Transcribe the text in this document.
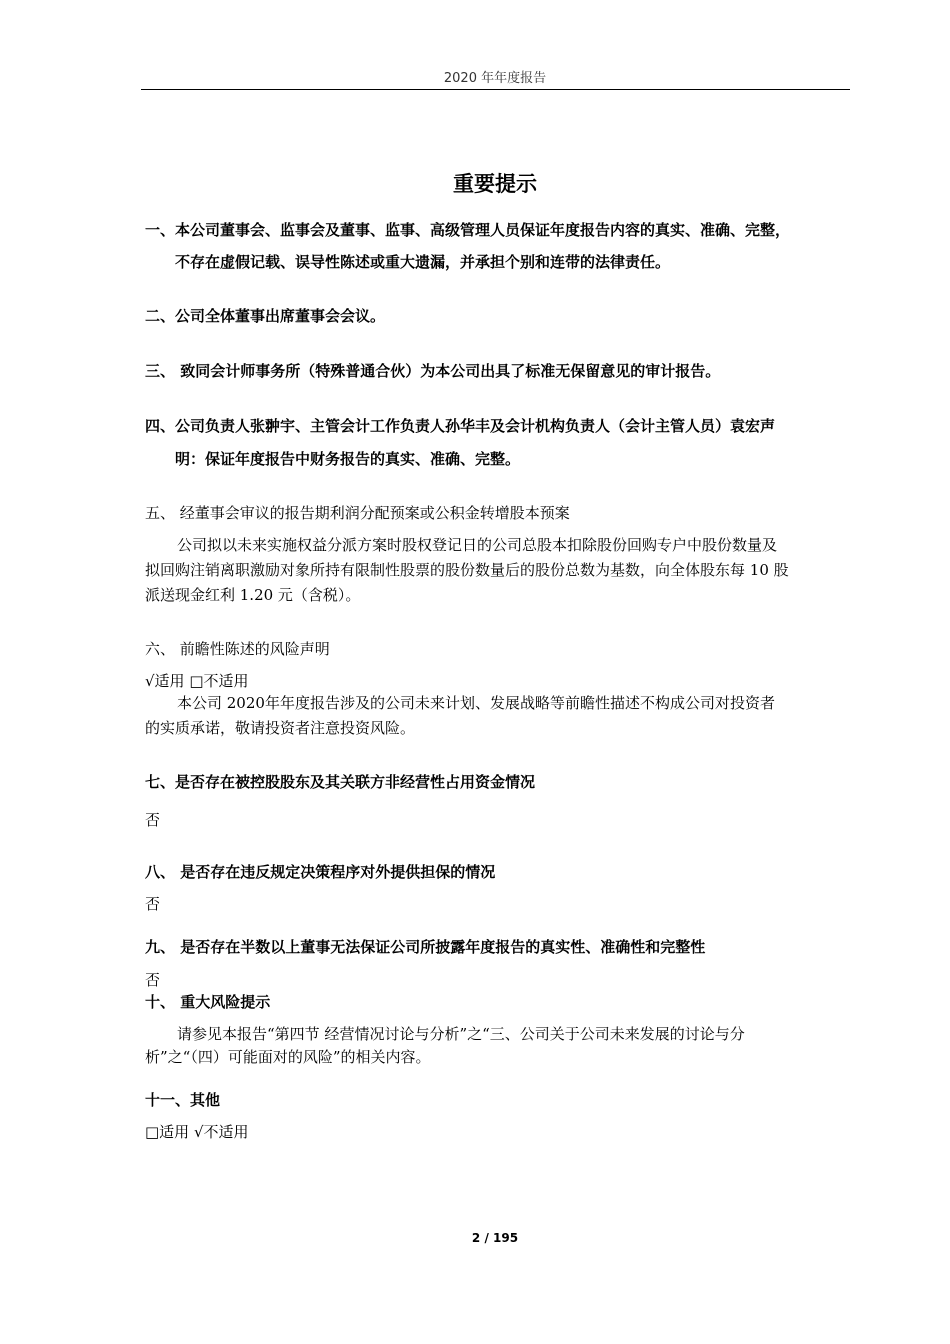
2020 年年度报告
重要提示
一、本公司董事会、监事会及董事、监事、高级管理人员保证年度报告内容的真实、准确、完整，
不存在虚假记载、误导性陈述或重大遗漏，并承担个别和连带的法律责任。
二、公司全体董事出席董事会会议。
三、 致同会计师事务所（特殊普通合伙）为本公司出具了标准无保留意见的审计报告。
四、公司负责人张翀宇、主管会计工作负责人孙华丰及会计机构负责人（会计主管人员）袁宏声
明：保证年度报告中财务报告的真实、准确、完整。
五、 经董事会审议的报告期利润分配预案或公积金转增股本预案
公司拟以未来实施权益分派方案时股权登记日的公司总股本扣除股份回购专户中股份数量及
拟回购注销离职激励对象所持有限制性股票的股份数量后的股份总数为基数，向全体股东每 10 股
派送现金红利 1.20 元（含税）。
六、 前瞻性陈述的风险声明
√适用 □不适用
本公司 2020年年度报告涉及的公司未来计划、发展战略等前瞻性描述不构成公司对投资者
的实质承诺，敬请投资者注意投资风险。
七、是否存在被控股股东及其关联方非经营性占用资金情况
否
八、 是否存在违反规定决策程序对外提供担保的情况
否
九、 是否存在半数以上董事无法保证公司所披露年度报告的真实性、准确性和完整性
否
十、 重大风险提示
请参见本报告“第四节 经营情况讨论与分析”之“三、公司关于公司未来发展的讨论与分
析”之“（四）可能面对的风险”的相关内容。
十一、其他
□适用 √不适用
2 / 195
